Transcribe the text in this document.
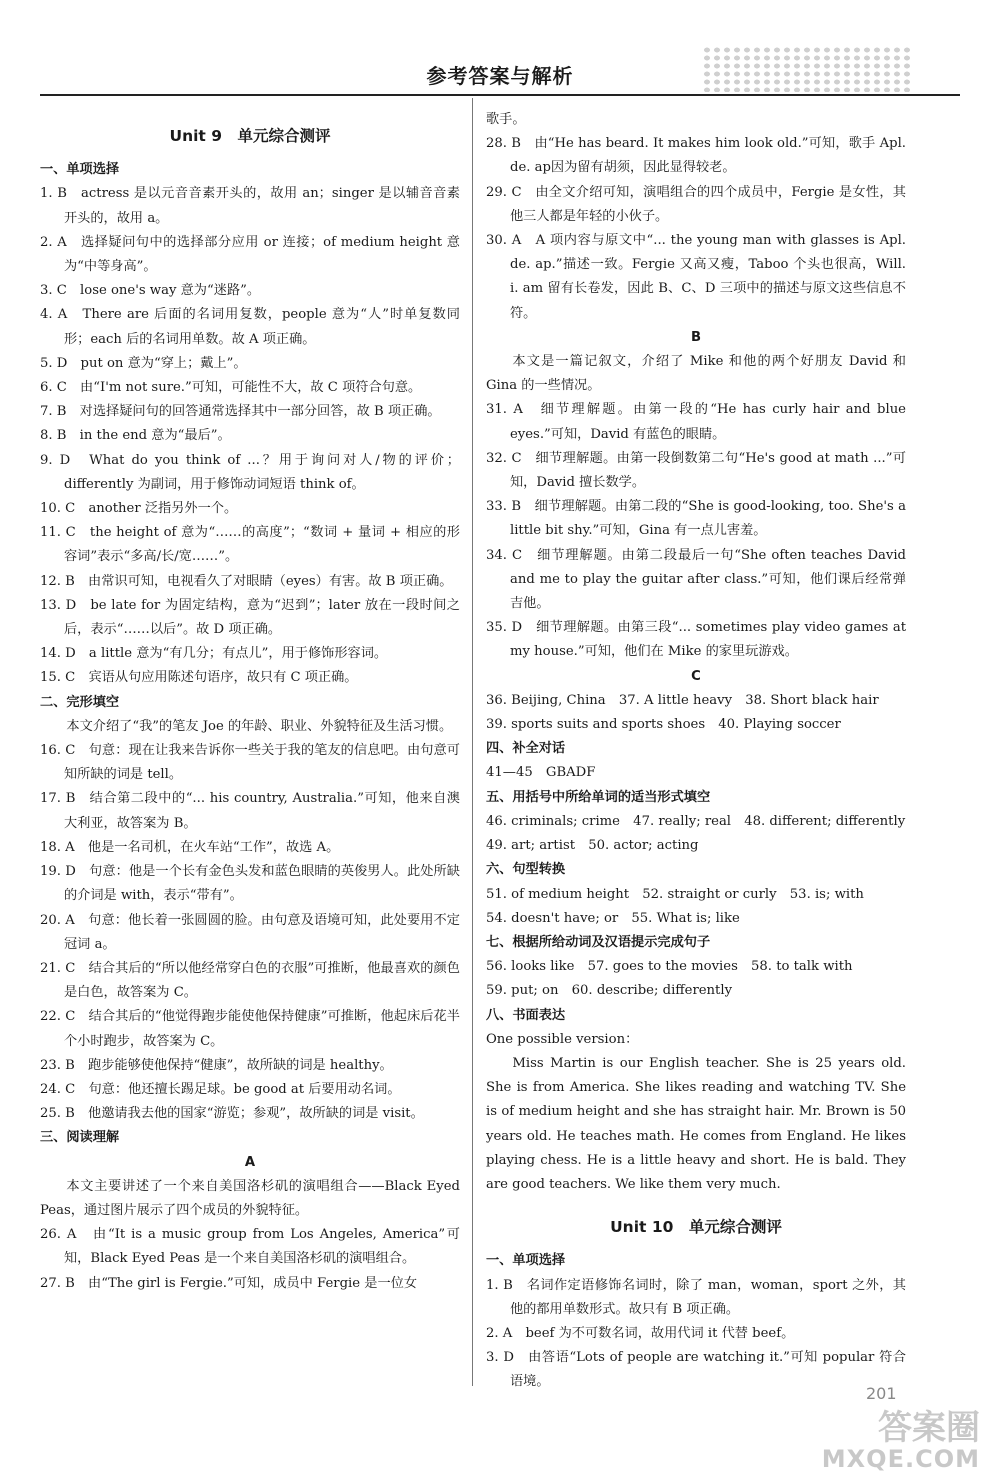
参考答案与解析
Unit 9　单元综合测评
一、单项选择
1. B　actress 是以元音音素开头的，故用 an；singer 是以辅音音素开头的，故用 a。
2. A　选择疑问句中的选择部分应用 or 连接；of medium height 意为“中等身高”。
3. C　lose one's way 意为“迷路”。
4. A　There are 后面的名词用复数，people 意为“人”时单复数同形；each 后的名词用单数。故 A 项正确。
5. D　put on 意为“穿上；戴上”。
6. C　由“I'm not sure.”可知，可能性不大，故 C 项符合句意。
7. B　对选择疑问句的回答通常选择其中一部分回答，故 B 项正确。
8. B　in the end 意为“最后”。
9. D　What do you think of ...？用于询问对人/物的评价；differently 为副词，用于修饰动词短语 think of。
10. C　another 泛指另外一个。
11. C　the height of 意为“……的高度”；“数词 + 量词 + 相应的形容词”表示“多高/长/宽……”。
12. B　由常识可知，电视看久了对眼睛（eyes）有害。故 B 项正确。
13. D　be late for 为固定结构，意为“迟到”；later 放在一段时间之后，表示“……以后”。故 D 项正确。
14. D　a little 意为“有几分；有点儿”，用于修饰形容词。
15. C　宾语从句应用陈述句语序，故只有 C 项正确。
二、完形填空
本文介绍了“我”的笔友 Joe 的年龄、职业、外貌特征及生活习惯。
16. C　句意：现在让我来告诉你一些关于我的笔友的信息吧。由句意可知所缺的词是 tell。
17. B　结合第二段中的“... his country, Australia.”可知，他来自澳大利亚，故答案为 B。
18. A　他是一名司机，在火车站“工作”，故选 A。
19. D　句意：他是一个长有金色头发和蓝色眼睛的英俊男人。此处所缺的介词是 with，表示“带有”。
20. A　句意：他长着一张圆圆的脸。由句意及语境可知，此处要用不定冠词 a。
21. C　结合其后的“所以他经常穿白色的衣服”可推断，他最喜欢的颜色是白色，故答案为 C。
22. C　结合其后的“他觉得跑步能使他保持健康”可推断，他起床后花半个小时跑步，故答案为 C。
23. B　跑步能够使他保持“健康”，故所缺的词是 healthy。
24. C　句意：他还擅长踢足球。be good at 后要用动名词。
25. B　他邀请我去他的国家“游览；参观”，故所缺的词是 visit。
三、阅读理解
A
本文主要讲述了一个来自美国洛杉矶的演唱组合——Black Eyed Peas，通过图片展示了四个成员的外貌特征。
26. A　由“It is a music group from Los Angeles, America”可知，Black Eyed Peas 是一个来自美国洛杉矶的演唱组合。
27. B　由“The girl is Fergie.”可知，成员中 Fergie 是一位女
歌手。
28. B　由“He has beard. It makes him look old.”可知，歌手 Apl. de. ap因为留有胡须，因此显得较老。
29. C　由全文介绍可知，演唱组合的四个成员中，Fergie 是女性，其他三人都是年轻的小伙子。
30. A　A 项内容与原文中“... the young man with glasses is Apl. de. ap.”描述一致。Fergie 又高又瘦，Taboo 个头也很高，Will. i. am 留有长卷发，因此 B、C、D 三项中的描述与原文这些信息不符。
B
本文是一篇记叙文，介绍了 Mike 和他的两个好朋友 David 和 Gina 的一些情况。
31. A　细节理解题。由第一段的“He has curly hair and blue eyes.”可知，David 有蓝色的眼睛。
32. C　细节理解题。由第一段倒数第二句“He's good at math ...”可知，David 擅长数学。
33. B　细节理解题。由第二段的“She is good-looking, too. She's a little bit shy.”可知，Gina 有一点儿害羞。
34. C　细节理解题。由第二段最后一句“She often teaches David and me to play the guitar after class.”可知，他们课后经常弹吉他。
35. D　细节理解题。由第三段“... sometimes play video games at my house.”可知，他们在 Mike 的家里玩游戏。
C
36. Beijing, China　37. A little heavy　38. Short black hair
39. sports suits and sports shoes　40. Playing soccer
四、补全对话
41—45　GBADF
五、用括号中所给单词的适当形式填空
46. criminals; crime　47. really; real　48. different; differently
49. art; artist　50. actor; acting
六、句型转换
51. of medium height　52. straight or curly　53. is; with
54. doesn't have; or　55. What is; like
七、根据所给动词及汉语提示完成句子
56. looks like　57. goes to the movies　58. to talk with
59. put; on　60. describe; differently
八、书面表达
One possible version：
Miss Martin is our English teacher. She is 25 years old. She is from America. She likes reading and watching TV. She is of medium height and she has straight hair. Mr. Brown is 50 years old. He teaches math. He comes from England. He likes playing chess. He is a little heavy and short. He is bald. They are good teachers. We like them very much.
Unit 10　单元综合测评
一、单项选择
1. B　名词作定语修饰名词时，除了 man，woman，sport 之外，其他的都用单数形式。故只有 B 项正确。
2. A　beef 为不可数名词，故用代词 it 代替 beef。
3. D　由答语“Lots of people are watching it.”可知 popular 符合语境。
201
答案圈
MXQE.COM
